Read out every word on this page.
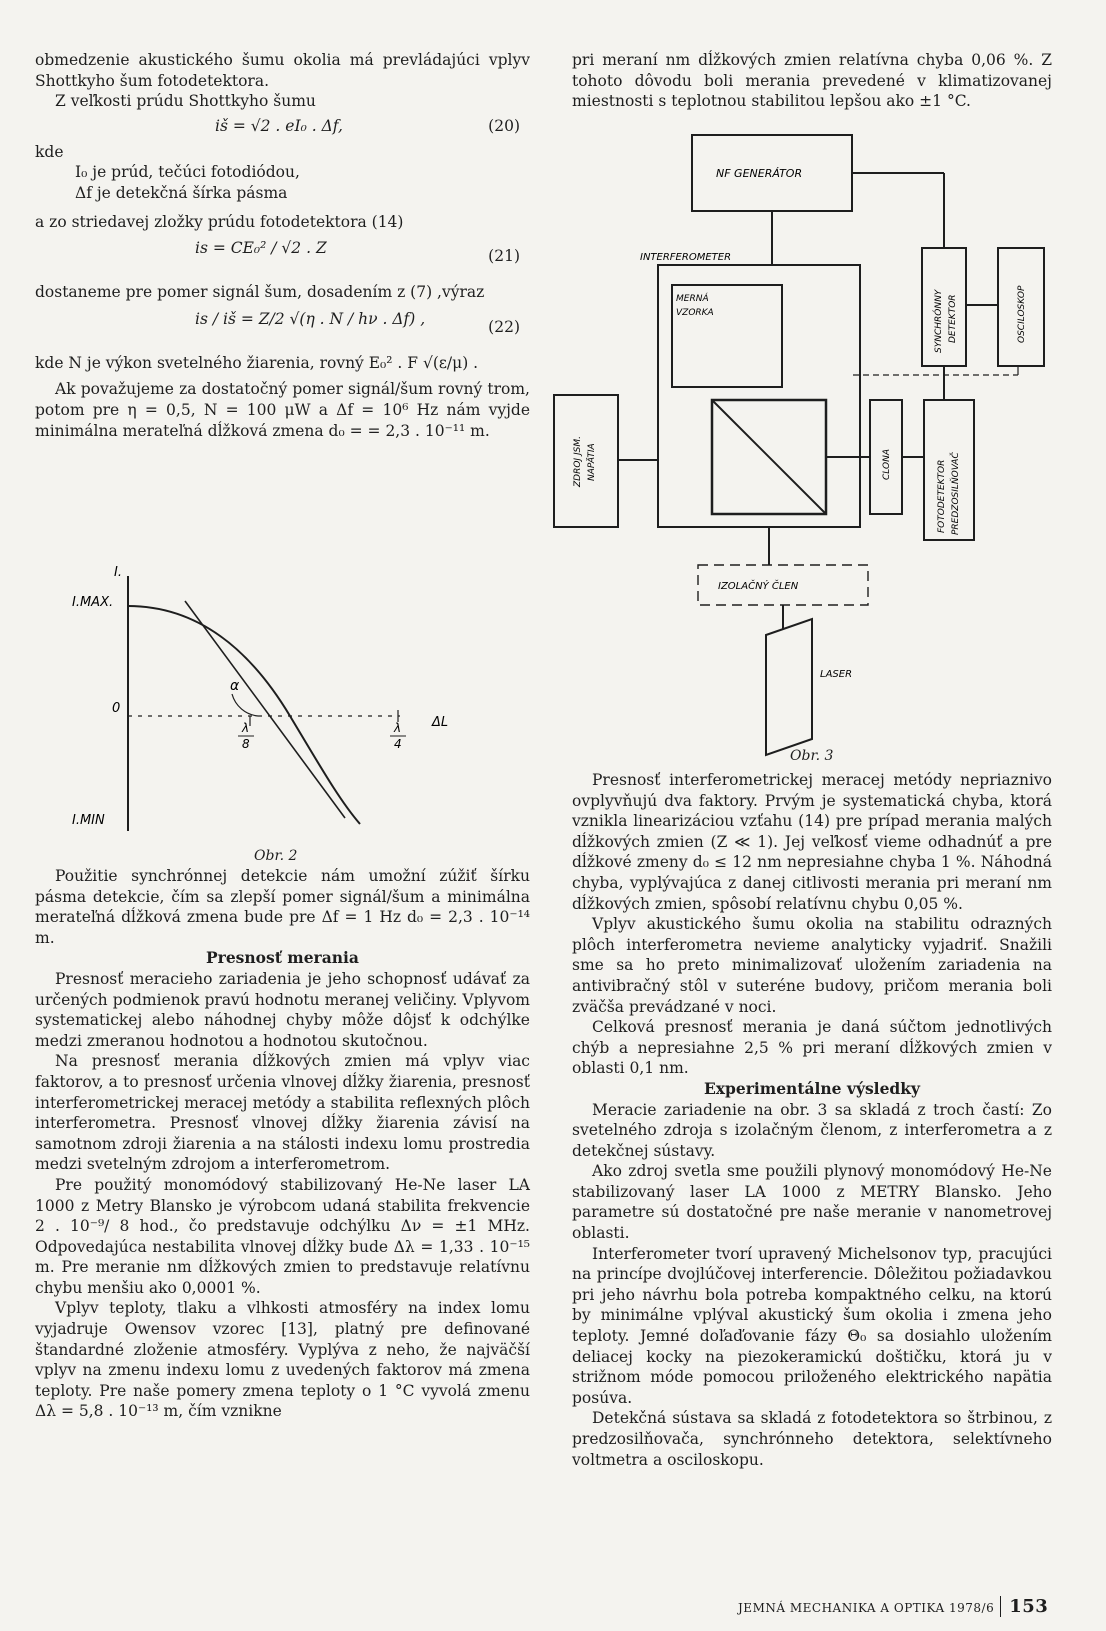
obmedzenie akustického šumu okolia má prevládajúci vplyv Shottkyho šum fotodetektora.

Z veľkosti prúdu Shottkyho šumu

iš = √2 . eI₀ . Δf,	(20)

kde

I₀ je prúd, tečúci fotodiódou,

Δf je detekčná šírka pásma

a zo striedavej zložky prúdu fotodetektora (14)

is = CE₀² / √2 . Z	(21)

dostaneme pre pomer signál šum, dosadením z (7) ,výraz

is / iš = Z/2 √(η . N / hν . Δf) ,	(22)

kde N je výkon svetelného žiarenia, rovný E₀² . F √(ε/μ) .

Ak považujeme za dostatočný pomer signál/šum rovný trom, potom pre η = 0,5, N = 100 μW a Δf = 10⁶ Hz nám vyjde minimálna merateľná dĺžková zmena d₀ = = 2,3 . 10⁻¹¹ m.

I.
I.MAX.
0
I.MIN
α
λ
8
λ
4
ΔL
Obr. 2

Použitie synchrónnej detekcie nám umožní zúžiť šírku pásma detekcie, čím sa zlepší pomer signál/šum a minimálna merateľná dĺžková zmena bude pre Δf = 1 Hz d₀ = 2,3 . 10⁻¹⁴ m.

Presnosť merania

Presnosť meracieho zariadenia je jeho schopnosť udávať za určených podmienok pravú hodnotu meranej veličiny. Vplyvom systematickej alebo náhodnej chyby môže dôjsť k odchýlke medzi zmeranou hodnotou a hodnotou skutočnou.

Na presnosť merania dĺžkových zmien má vplyv viac faktorov, a to presnosť určenia vlnovej dĺžky žiarenia, presnosť interferometrickej meracej metódy a stabilita reflexných plôch interferometra. Presnosť vlnovej dĺžky žiarenia závisí na samotnom zdroji žiarenia a na stálosti indexu lomu prostredia medzi svetelným zdrojom a interferometrom.

Pre použitý monomódový stabilizovaný He-Ne laser LA 1000 z Metry Blansko je výrobcom udaná stabilita frekvencie 2 . 10⁻⁹/ 8 hod., čo predstavuje odchýlku Δν = ±1 MHz. Odpovedajúca nestabilita vlnovej dĺžky bude Δλ = 1,33 . 10⁻¹⁵ m. Pre meranie nm dĺžkových zmien to predstavuje relatívnu chybu menšiu ako 0,0001 %.

Vplyv teploty, tlaku a vlhkosti atmosféry na index lomu vyjadruje Owensov vzorec [13], platný pre definované štandardné zloženie atmosféry. Vyplýva z neho, že najväčší vplyv na zmenu indexu lomu z uvedených faktorov má zmena teploty. Pre naše pomery zmena teploty o 1 °C vyvolá zmenu Δλ = 5,8 . 10⁻¹³ m, čím vznikne

pri meraní nm dĺžkových zmien relatívna chyba 0,06 %. Z tohoto dôvodu boli merania prevedené v klimatizovanej miestnosti s teplotnou stabilitou lepšou ako ±1 °C.

NF GENERÁTOR
INTERFEROMETER
MERNÁ
VZORKA	SYNCHRÓNNY DETEKTOR	OSCILOSKOP
ZDROJ JSM. NAPÄTIA	CLONA	FOTODETEKTOR PREDZOSILŇOVAČ
IZOLAČNÝ ČLEN
LASER
Obr. 3

Presnosť interferometrickej meracej metódy nepriaznivo ovplyvňujú dva faktory. Prvým je systematická chyba, ktorá vznikla linearizáciou vzťahu (14) pre prípad merania malých dĺžkových zmien (Z ≪ 1). Jej veľkosť vieme odhadnúť a pre dĺžkové zmeny d₀ ≤ 12 nm nepresiahne chyba 1 %. Náhodná chyba, vyplývajúca z danej citlivosti merania pri meraní nm dĺžkových zmien, spôsobí relatívnu chybu 0,05 %.

Vplyv akustického šumu okolia na stabilitu odrazných plôch interferometra nevieme analyticky vyjadriť. Snažili sme sa ho preto minimalizovať uložením zariadenia na antivibračný stôl v suteréne budovy, pričom merania boli zväčša prevádzané v noci.

Celková presnosť merania je daná súčtom jednotlivých chýb a nepresiahne 2,5 % pri meraní dĺžkových zmien v oblasti 0,1 nm.

Experimentálne výsledky

Meracie zariadenie na obr. 3 sa skladá z troch častí: Zo svetelného zdroja s izolačným členom, z interferometra a z detekčnej sústavy.

Ako zdroj svetla sme použili plynový monomódový He-Ne stabilizovaný laser LA 1000 z METRY Blansko. Jeho parametre sú dostatočné pre naše meranie v nanometrovej oblasti.

Interferometer tvorí upravený Michelsonov typ, pracujúci na princípe dvojlúčovej interferencie. Dôležitou požiadavkou pri jeho návrhu bola potreba kompaktného celku, na ktorú by minimálne vplýval akustický šum okolia i zmena jeho teploty. Jemné doľaďovanie fázy Θ₀ sa dosiahlo uložením deliacej kocky na piezokeramickú doštičku, ktorá ju v strižnom móde pomocou priloženého elektrického napätia posúva.

Detekčná sústava sa skladá z fotodetektora so štrbinou, z predzosilňovača, synchrónneho detektora, selektívneho voltmetra a osciloskopu.

JEMNÁ MECHANIKA A OPTIKA 1978/6 153
